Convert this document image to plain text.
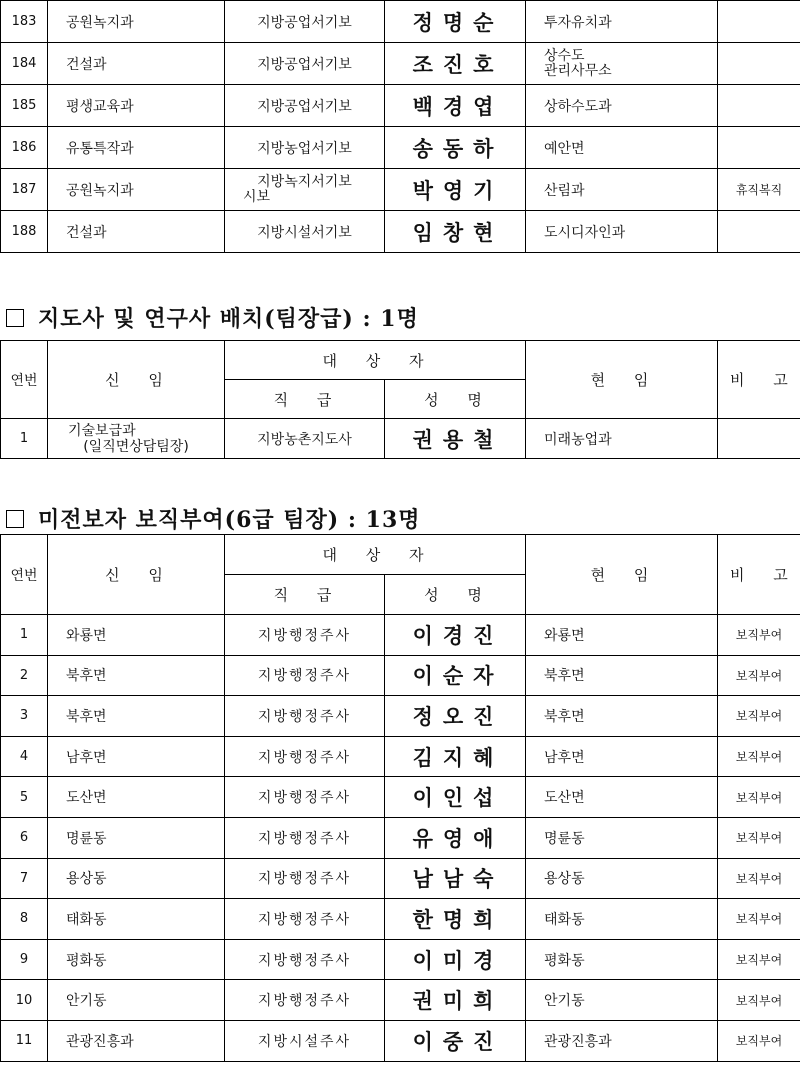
183	공원녹지과	지방공업서기보	정명순	투자유치과	
184	건설과	지방공업서기보	조진호	상수도
관리사무소	

185	평생교육과	지방공업서기보	백경엽	상하수도과	
186	유통특작과	지방농업서기보	송동하	예안면	
187	공원녹지과	지방녹지서기보
시보	박영기	산림과	휴직복직
188	건설과	지방시설서기보	임창현	도시디자인과	
지도사 및 연구사 배치(팀장급) : 1명
연번	신 임	대 상 자		현 임	비 고
		직 급	성 명		
1	기술보급과
(일직면상담팀장)	지방농촌지도사	권용철	미래농업과	
미전보자 보직부여(6급 팀장) : 13명
연번	신 임	대 상 자		현 임	비 고
		직 급	성 명		
1	와룡면	지방행정주사	이경진	와룡면	보직부여
2	북후면	지방행정주사	이순자	북후면	보직부여
3	북후면	지방행정주사	정오진	북후면	보직부여
4	남후면	지방행정주사	김지혜	남후면	보직부여
5	도산면	지방행정주사	이인섭	도산면	보직부여
6	명륜동	지방행정주사	유영애	명륜동	보직부여
7	용상동	지방행정주사	남남숙	용상동	보직부여
8	태화동	지방행정주사	한명희	태화동	보직부여
9	평화동	지방행정주사	이미경	평화동	보직부여
10	안기동	지방행정주사	권미희	안기동	보직부여
11	관광진흥과	지방시설주사	이중진	관광진흥과	보직부여
